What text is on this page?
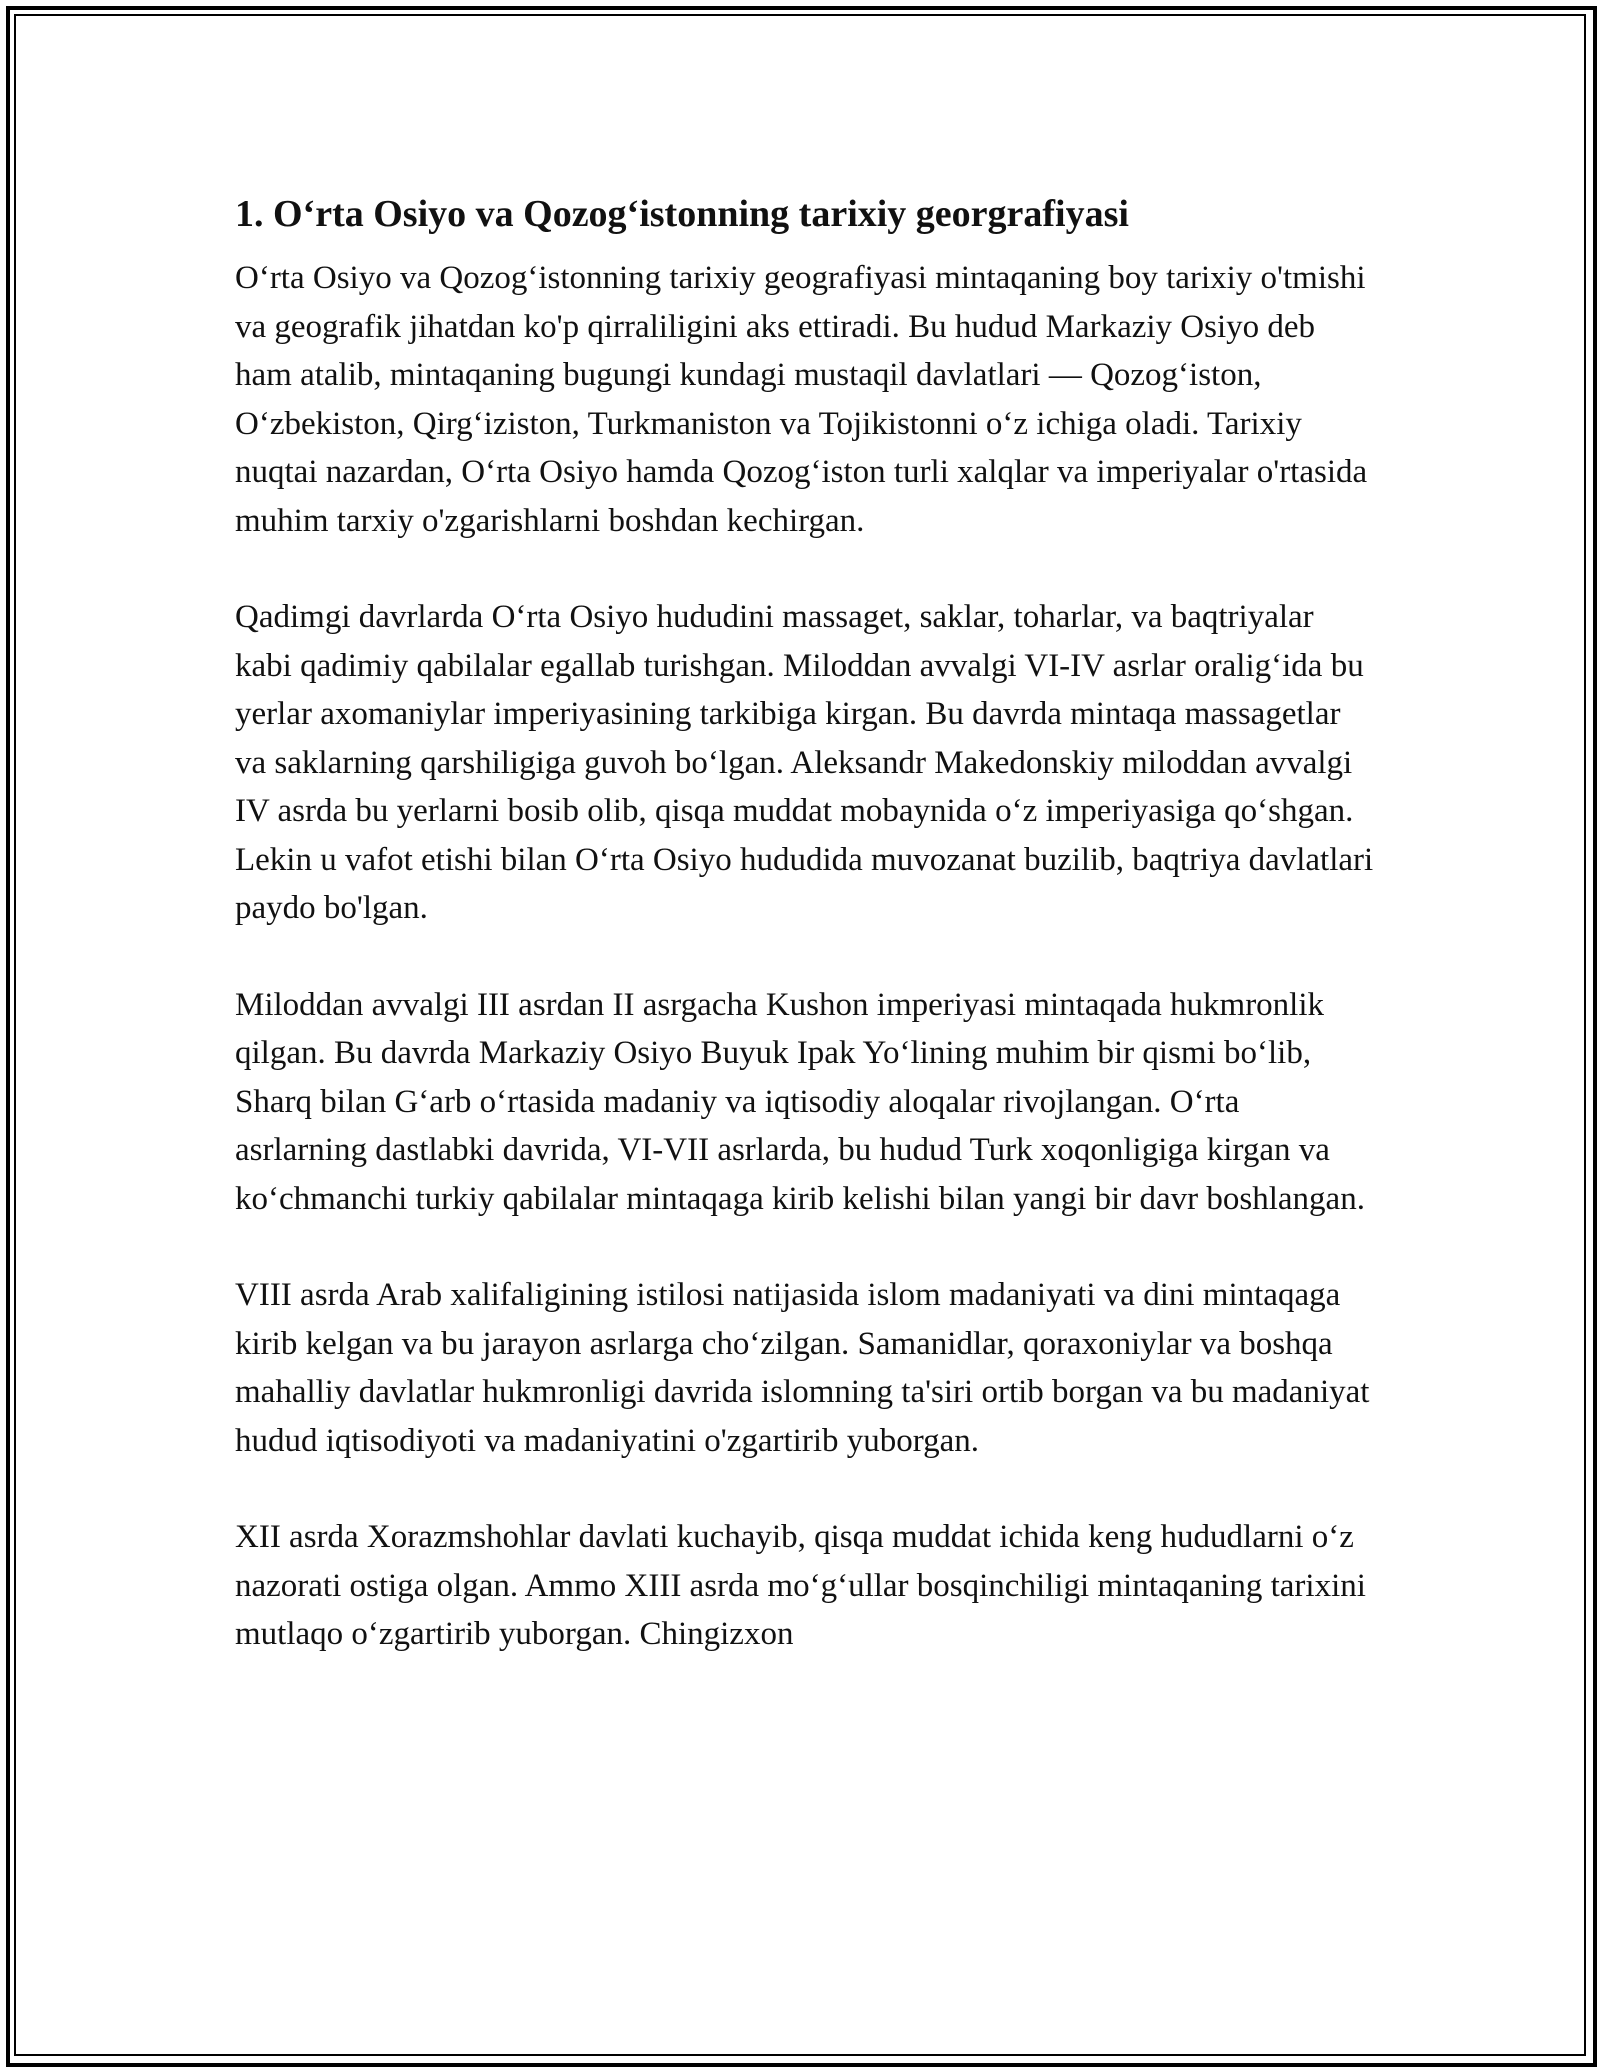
1. O‘rta Osiyo va Qozog‘istonning tarixiy georgrafiyasi

O‘rta Osiyo va Qozog‘istonning tarixiy geografiyasi mintaqaning boy tarixiy o'tmishi va geografik jihatdan ko'p qirraliligini aks ettiradi. Bu hudud Markaziy Osiyo deb ham atalib, mintaqaning bugungi kundagi mustaqil davlatlari — Qozog‘iston, O‘zbekiston, Qirg‘iziston, Turkmaniston va Tojikistonni o‘z ichiga oladi. Tarixiy nuqtai nazardan, O‘rta Osiyo hamda Qozog‘iston turli xalqlar va imperiyalar o'rtasida muhim tarxiy o'zgarishlarni boshdan kechirgan.

Qadimgi davrlarda O‘rta Osiyo hududini massaget, saklar, toharlar, va baqtriyalar kabi qadimiy qabilalar egallab turishgan. Miloddan avvalgi VI-IV asrlar oralig‘ida bu yerlar axomaniylar imperiyasining tarkibiga kirgan. Bu davrda mintaqa massagetlar va saklarning qarshiligiga guvoh bo‘lgan. Aleksandr Makedonskiy miloddan avvalgi IV asrda bu yerlarni bosib olib, qisqa muddat mobaynida o‘z imperiyasiga qo‘shgan. Lekin u vafot etishi bilan O‘rta Osiyo hududida muvozanat buzilib, baqtriya davlatlari paydo bo'lgan.

Miloddan avvalgi III asrdan II asrgacha Kushon imperiyasi mintaqada hukmronlik qilgan. Bu davrda Markaziy Osiyo Buyuk Ipak Yo‘lining muhim bir qismi bo‘lib, Sharq bilan G‘arb o‘rtasida madaniy va iqtisodiy aloqalar rivojlangan. O‘rta asrlarning dastlabki davrida, VI-VII asrlarda, bu hudud Turk xoqonligiga kirgan va ko‘chmanchi turkiy qabilalar mintaqaga kirib kelishi bilan yangi bir davr boshlangan.

VIII asrda Arab xalifaligining istilosi natijasida islom madaniyati va dini mintaqaga kirib kelgan va bu jarayon asrlarga cho‘zilgan. Samanidlar, qoraxoniylar va boshqa mahalliy davlatlar hukmronligi davrida islomning ta'siri ortib borgan va bu madaniyat hudud iqtisodiyoti va madaniyatini o'zgartirib yuborgan.

XII asrda Xorazmshohlar davlati kuchayib, qisqa muddat ichida keng hududlarni o‘z nazorati ostiga olgan. Ammo XIII asrda mo‘g‘ullar bosqinchiligi mintaqaning tarixini mutlaqo o‘zgartirib yuborgan. Chingizxon
